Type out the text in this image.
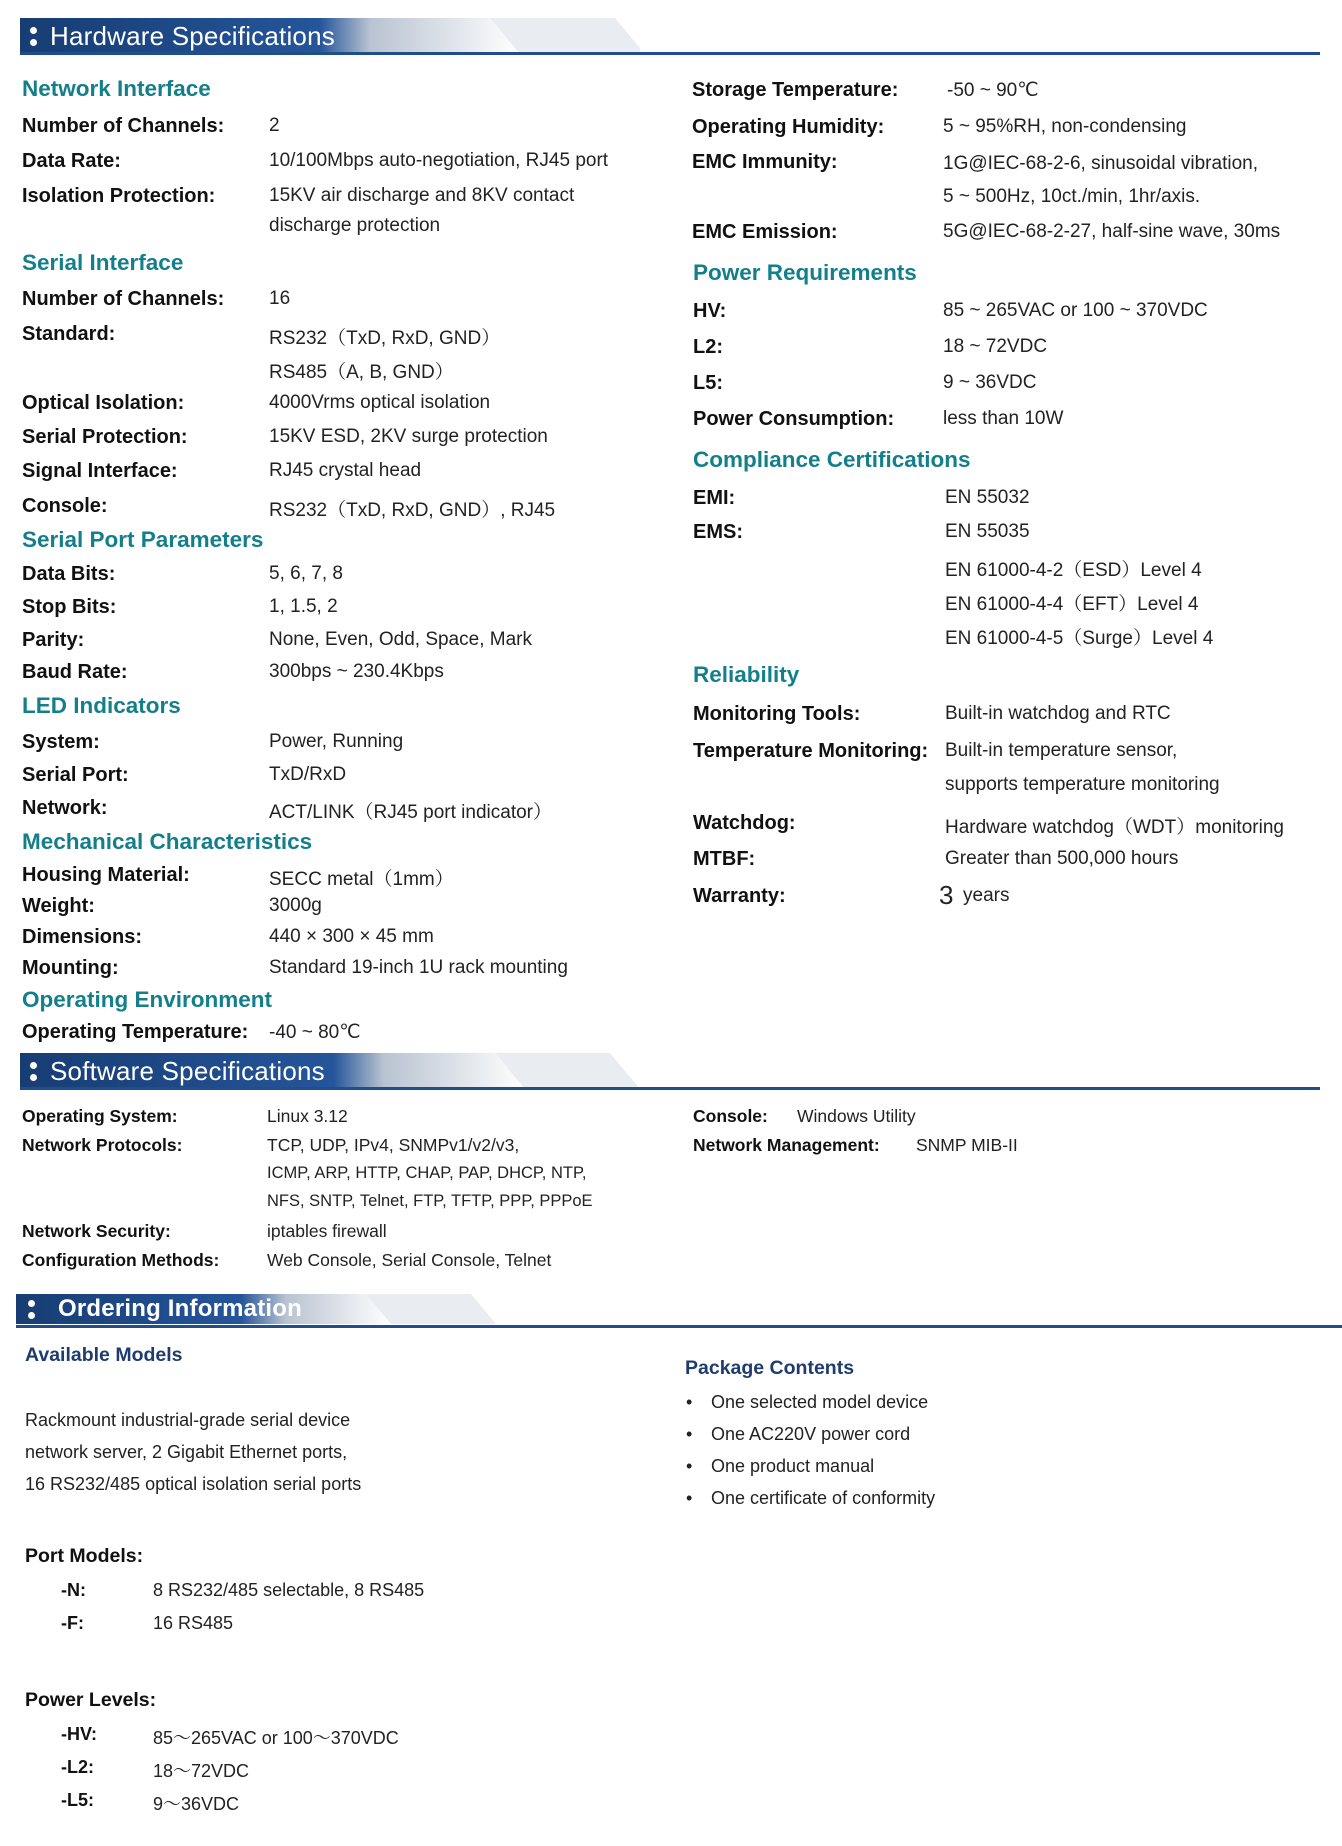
Hardware Specifications
Network Interface
Number of Channels: 2
Data Rate:	10/100Mbps auto-negotiation, RJ45 port
Isolation Protection:	15KV air discharge and 8KV contact
discharge protection
Serial Interface
Number of Channels: 16
Standard:	RS232（TxD, RxD, GND）
RS485（A, B, GND）
Optical Isolation:	4000Vrms optical isolation
Serial Protection:	15KV ESD, 2KV surge protection
Signal Interface:	RJ45 crystal head
Console:	RS232（TxD, RxD, GND）, RJ45
Serial Port Parameters
Data Bits:	5, 6, 7, 8
Stop Bits:	1, 1.5, 2
Parity:	None, Even, Odd, Space, Mark
Baud Rate:	300bps ~ 230.4Kbps
LED Indicators
System:	Power, Running
Serial Port:	TxD/RxD
Network:	ACT/LINK（RJ45 port indicator）
Mechanical Characteristics
Housing Material:	SECC metal（1mm）
Weight:	3000g
Dimensions:	440 × 300 × 45 mm
Mounting:	Standard 19-inch 1U rack mounting
Operating Environment
Operating Temperature: -40 ~ 80℃
Storage Temperature:	-50 ~ 90℃
Operating Humidity:	5 ~ 95%RH, non-condensing
EMC Immunity:	1G@IEC-68-2-6, sinusoidal vibration,
5 ~ 500Hz, 10ct./min, 1hr/axis.
EMC Emission:	5G@IEC-68-2-27, half-sine wave, 30ms
Power Requirements
HV:	85 ~ 265VAC or 100 ~ 370VDC
L2:	18 ~ 72VDC
L5:	9 ~ 36VDC
Power Consumption:	less than 10W
Compliance Certifications
EMI:	EN 55032
EMS:	EN 55035
EN 61000-4-2（ESD）Level 4
EN 61000-4-4（EFT）Level 4
EN 61000-4-5（Surge）Level 4
Reliability
Monitoring Tools:	Built-in watchdog and RTC
Temperature Monitoring: Built-in temperature sensor,
supports temperature monitoring
Watchdog:	Hardware watchdog（WDT）monitoring
MTBF:	Greater than 500,000 hours
Warranty:	3 years
Software Specifications
Operating System:	Linux 3.12
Network Protocols:	TCP, UDP, IPv4, SNMPv1/v2/v3,
ICMP, ARP, HTTP, CHAP, PAP, DHCP, NTP,
NFS, SNTP, Telnet, FTP, TFTP, PPP, PPPoE
Network Security:	iptables firewall
Configuration Methods:	Web Console, Serial Console, Telnet
Console: Windows Utility
Network Management: SNMP MIB-II
Ordering Information
Available Models
Rackmount industrial-grade serial device
network server, 2 Gigabit Ethernet ports,
16 RS232/485 optical isolation serial ports
Port Models:
-N:	8 RS232/485 selectable, 8 RS485
-F:	16 RS485
Power Levels:
-HV:	85～265VAC or 100～370VDC
-L2:	18～72VDC
-L5:	9～36VDC
Package Contents
• One selected model device
• One AC220V power cord
• One product manual
• One certificate of conformity
